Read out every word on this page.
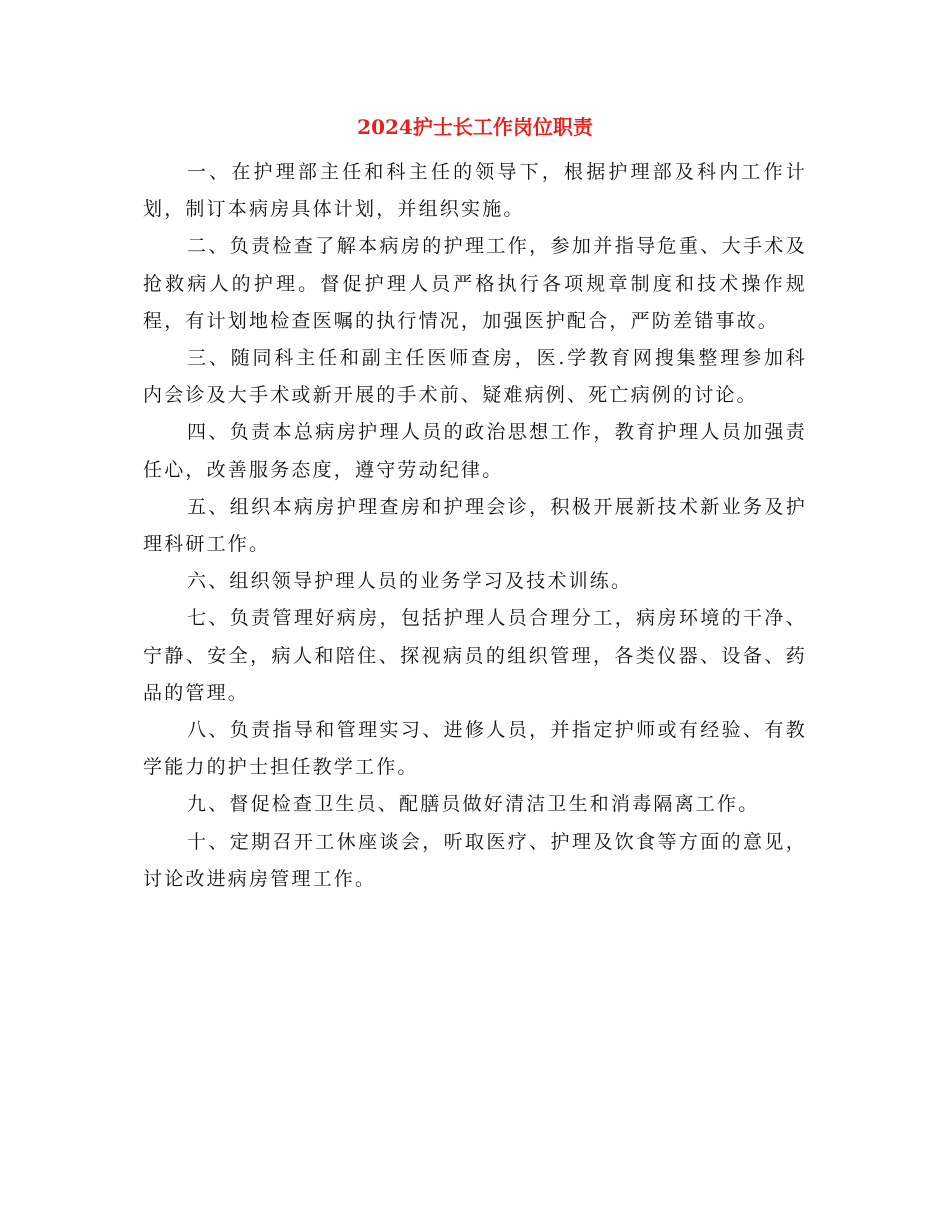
2024护士长工作岗位职责

一、在护理部主任和科主任的领导下，根据护理部及科内工作计划，制订本病房具体计划，并组织实施。

二、负责检查了解本病房的护理工作，参加并指导危重、大手术及抢救病人的护理。督促护理人员严格执行各项规章制度和技术操作规程，有计划地检查医嘱的执行情况，加强医护配合，严防差错事故。

三、随同科主任和副主任医师查房，医.学教育网搜集整理参加科内会诊及大手术或新开展的手术前、疑难病例、死亡病例的讨论。

四、负责本总病房护理人员的政治思想工作，教育护理人员加强责任心，改善服务态度，遵守劳动纪律。

五、组织本病房护理查房和护理会诊，积极开展新技术新业务及护理科研工作。

六、组织领导护理人员的业务学习及技术训练。

七、负责管理好病房，包括护理人员合理分工，病房环境的干净、宁静、安全，病人和陪住、探视病员的组织管理，各类仪器、设备、药品的管理。

八、负责指导和管理实习、进修人员，并指定护师或有经验、有教学能力的护士担任教学工作。

九、督促检查卫生员、配膳员做好清洁卫生和消毒隔离工作。

十、定期召开工休座谈会，听取医疗、护理及饮食等方面的意见，讨论改进病房管理工作。
